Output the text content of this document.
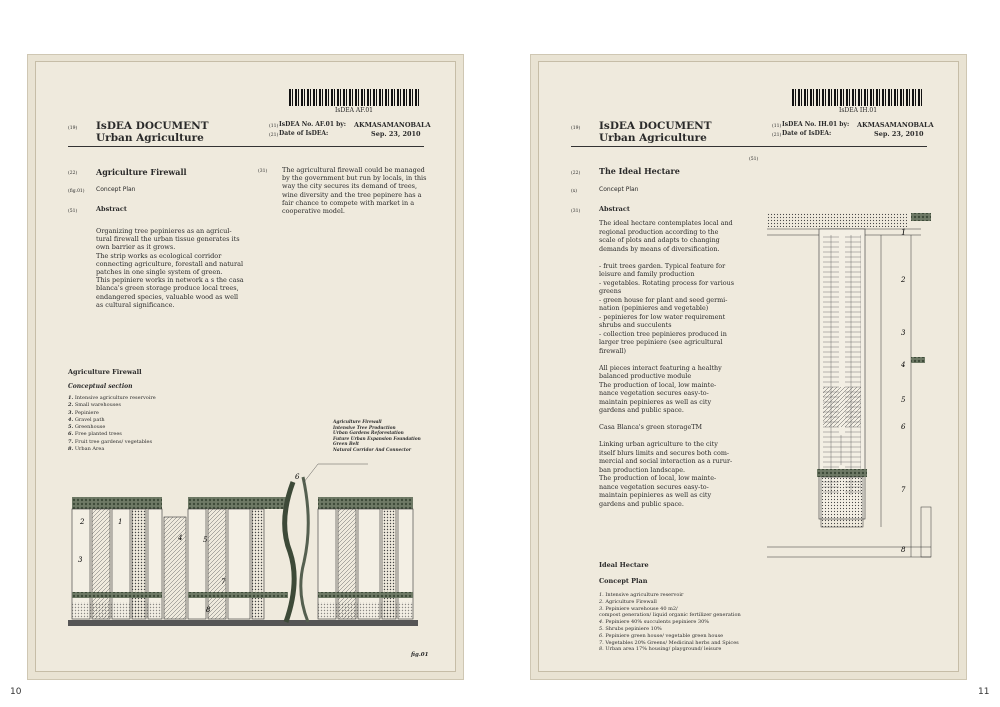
IsDEA AF.01
(19) IsDEA DOCUMENT
Urban Agriculture
(11) IsDEA No. AF.01 by: AKMASAMANOBALA
(21) Date of IsDEA:	Sep. 23, 2010
(22) Agriculture Firewall
(fig.01) Concept Plan
(51)	Abstract
Organizing tree pepinieres as an agricul-
tural firewall the urban tissue generates its
own barrier as it grows.
The strip works as ecological corridor
connecting agriculture, forestall and natural
patches in one single system of green.
This pepiniere works in network a s the casa
blanca's green storage produce local trees,
endangered species, valuable wood as well
as cultural significance.
(31) The agricultural firewall could be managed
by the government but run by locals, in this
way the city secures its demand of trees,
wine diversity and the tree pepinere has a
fair chance to compete with market in a
cooperative model.
Agriculture Firewall
Conceptual section
1. Intensive agriculture reservoire
2. Small warehouses
3. Pepiniere
4. Gravel path
5. Greenhouse
6. Free planted trees
7. Fruit tree gardens/ vegetables
8. Urban Area
Agriculture Firewall
Intensive Tree Production
Urban Gardens Reforestation
Future Urban Expansion Foundation
Green Belt
Natural Corridor And Connector
2	1
4
3
5
6
7
8
fig.01
10
IsDEA IH.01
(19) IsDEA DOCUMENT
Urban Agriculture
(11) IsDEA No. IH.01 by: AKMASAMANOBALA
(21) Date of IsDEA:	Sep. 23, 2010
(51)
(22) The Ideal Hectare
(x)	Concept Plan
(31)	Abstract
The ideal hectare contemplates local and
regional production according to the
scale of plots and adapts to changing
demands by means of diversification.
- fruit trees garden. Typical feature for
leisure and family production
- vegetables. Rotating process for various
greens
- green house for plant and seed germi-
nation (pepinieres and vegetable)
- pepinieres for low water requirement
shrubs and succulents
- collection tree pepinieres produced in
larger tree pepiniere (see agricultural
firewall)
All pieces interact featuring a healthy
balanced productive module
The production of local, low mainte-
nance vegetation secures easy-to-
maintain pepinieres as well as city
gardens and public space.
Casa Blanca's green storageTM
Linking urban agriculture to the city
itself blurs limits and secures both com-
mercial and social interaction as a rurur-
ban production landscape.
The production of local, low mainte-
nance vegetation secures easy-to-
maintain pepinieres as well as city
gardens and public space.
1
2
3
4
5
6
7
8
Ideal Hectare
Concept Plan
1. Intensive agriculture reservoir
2. Agriculture Firewall
3. Pepiniere warehouse 40 m2/
compost generation/ liquid organic fertilizer generation
4. Pepiniere 40% succulents pepiniere 30%
5. Shrubs pepiniere 10%
6. Pepiniere green house/ vegetable green house
7. Vegetables 20% Greens/ Medicinal herbs and Spices
8. Urban area 17% housing/ playground/ leisure
11
